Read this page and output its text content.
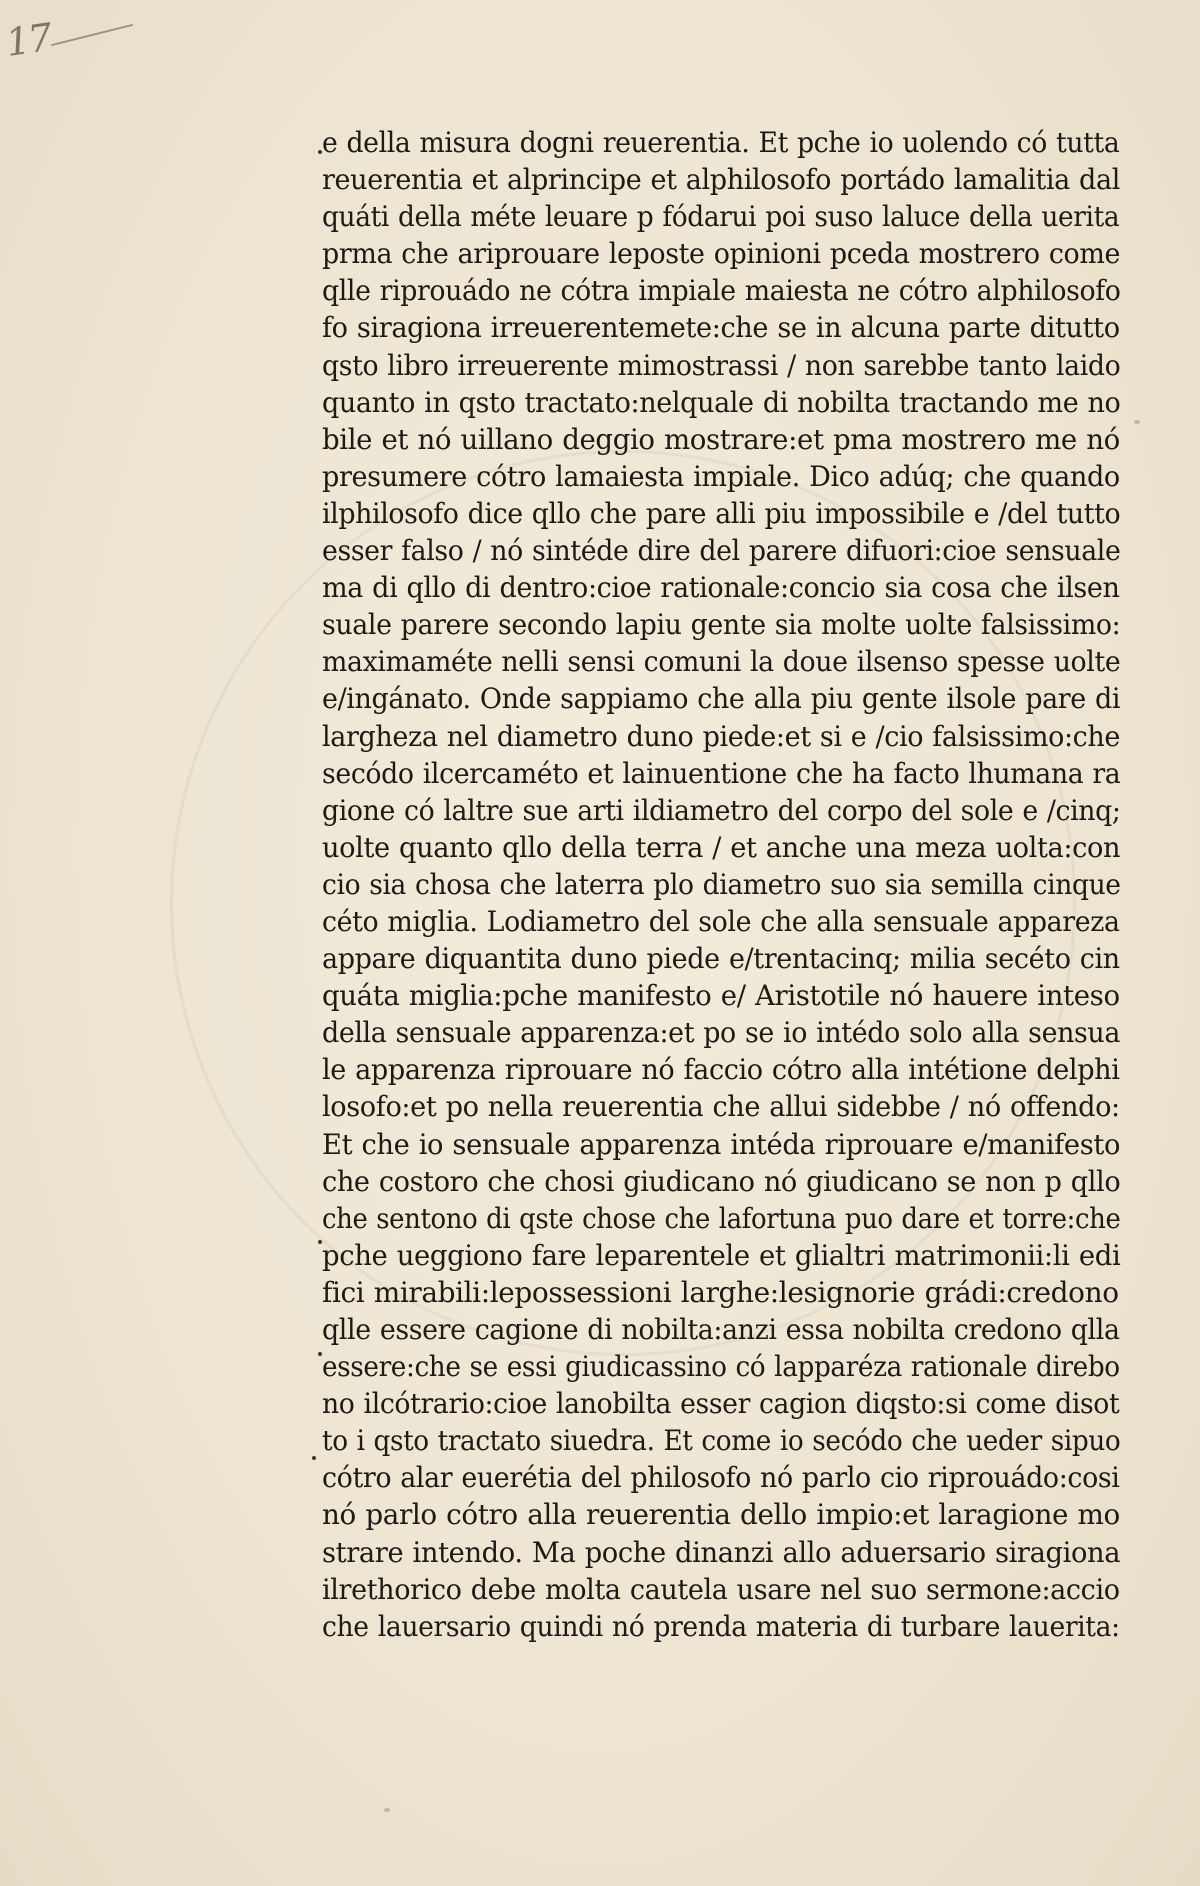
17
e della misura dogni reuerentia. Et pche io uolendo có tutta
reuerentia et alprincipe et alphilosofo portádo lamalitia dal
quáti della méte leuare p fódarui poi suso laluce della uerita
prma che ariprouare leposte opinioni pceda mostrero come
qlle riprouádo ne cótra impiale maiesta ne cótro alphilosofo
fo siragiona irreuerentemete:che se in alcuna parte ditutto
qsto libro irreuerente mimostrassi / non sarebbe tanto laido
quanto in qsto tractato:nelquale di nobilta tractando me no
bile et nó uillano deggio mostrare:et pma mostrero me nó
presumere cótro lamaiesta impiale. Dico adúq; che quando
ilphilosofo dice qllo che pare alli piu impossibile e /del tutto
esser falso / nó sintéde dire del parere difuori:cioe sensuale
ma di qllo di dentro:cioe rationale:concio sia cosa che ilsen
suale parere secondo lapiu gente sia molte uolte falsissimo:
maximaméte nelli sensi comuni la doue ilsenso spesse uolte
e/ingánato. Onde sappiamo che alla piu gente ilsole pare di
largheza nel diametro duno piede:et si e /cio falsissimo:che
secódo ilcercaméto et lainuentione che ha facto lhumana ra
gione có laltre sue arti ildiametro del corpo del sole e /cinq;
uolte quanto qllo della terra / et anche una meza uolta:con
cio sia chosa che laterra plo diametro suo sia semilla cinque
céto miglia. Lodiametro del sole che alla sensuale appareza
appare diquantita duno piede e/trentacinq; milia secéto cin
quáta miglia:pche manifesto e/ Aristotile nó hauere inteso
della sensuale apparenza:et po se io intédo solo alla sensua
le apparenza riprouare nó faccio cótro alla intétione delphi
losofo:et po nella reuerentia che allui sidebbe / nó offendo:
Et che io sensuale apparenza intéda riprouare e/manifesto
che costoro che chosi giudicano nó giudicano se non p qllo
che sentono di qste chose che lafortuna puo dare et torre:che
pche ueggiono fare leparentele et glialtri matrimonii:li edi
fici mirabili:lepossessioni larghe:lesignorie grádi:credono
qlle essere cagione di nobilta:anzi essa nobilta credono qlla
essere:che se essi giudicassino có lapparéza rationale direbo
no ilcótrario:cioe lanobilta esser cagion diqsto:si come disot
to i qsto tractato siuedra. Et come io secódo che ueder sipuo
cótro alar euerétia del philosofo nó parlo cio riprouádo:cosi
nó parlo cótro alla reuerentia dello impio:et laragione mo
strare intendo. Ma poche dinanzi allo aduersario siragiona
ilrethorico debe molta cautela usare nel suo sermone:accio
che lauersario quindi nó prenda materia di turbare lauerita:
